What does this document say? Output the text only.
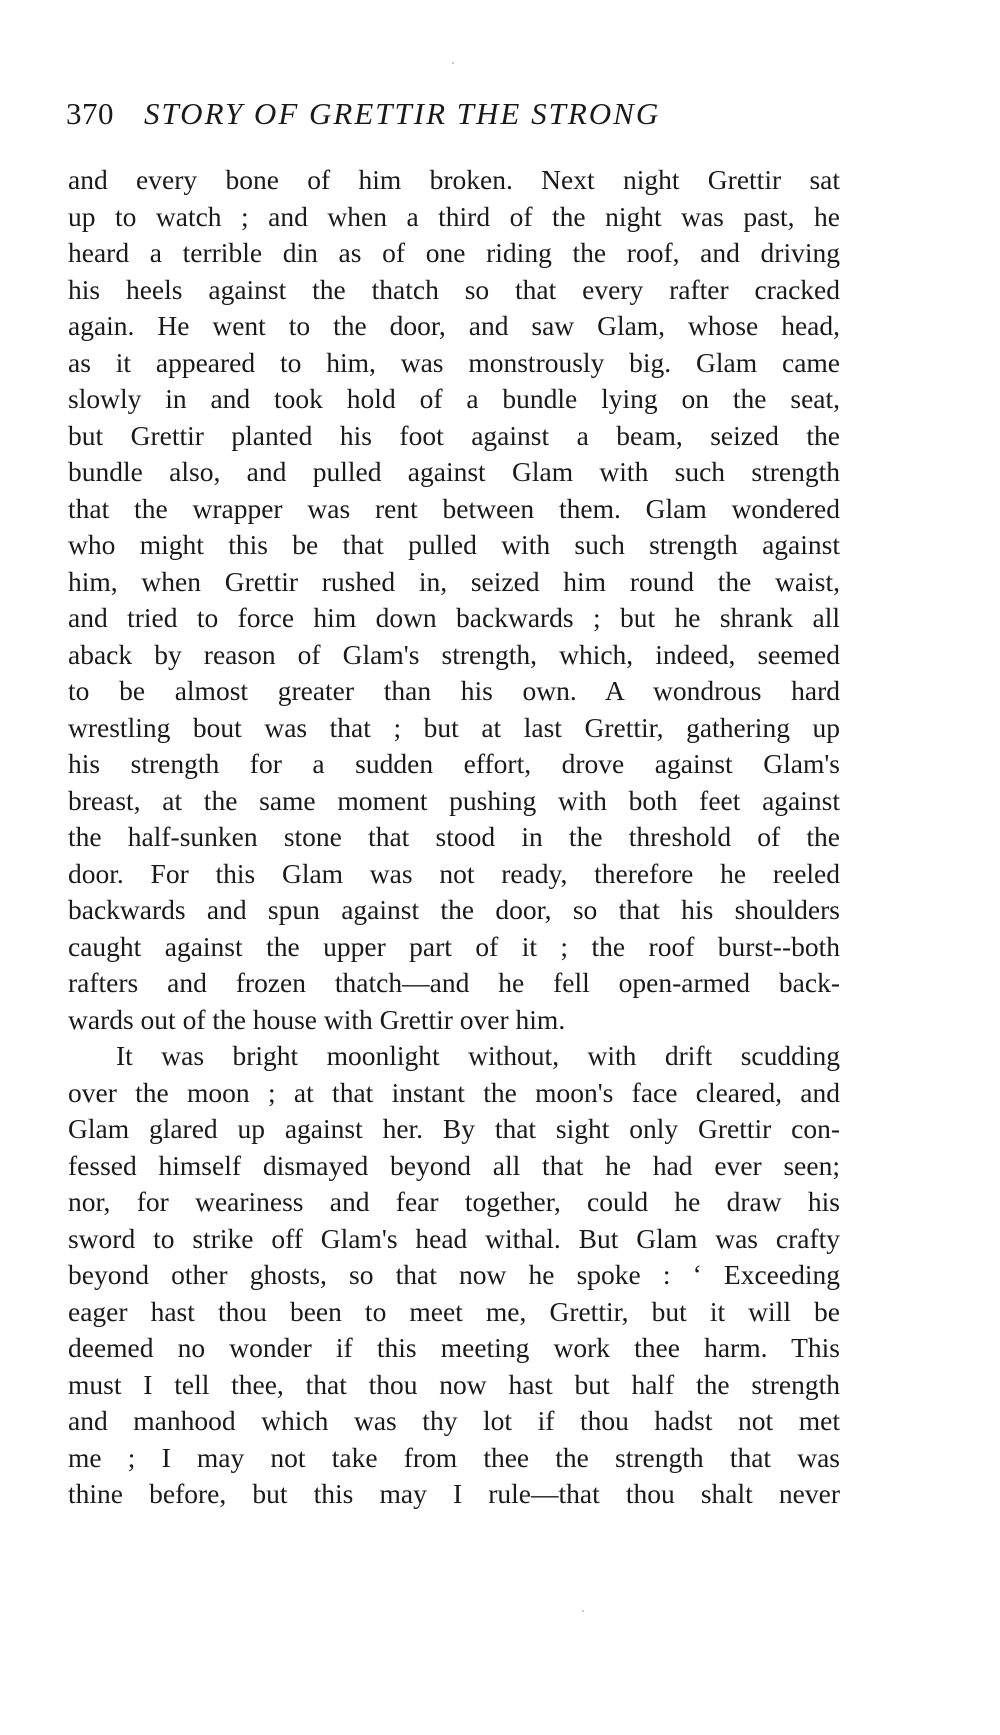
370 STORY OF GRETTIR THE STRONG
and every bone of him broken. Next night Grettir sat
up to watch ; and when a third of the night was past, he
heard a terrible din as of one riding the roof, and driving
his heels against the thatch so that every rafter cracked
again. He went to the door, and saw Glam, whose head,
as it appeared to him, was monstrously big. Glam came
slowly in and took hold of a bundle lying on the seat,
but Grettir planted his foot against a beam, seized the
bundle also, and pulled against Glam with such strength
that the wrapper was rent between them. Glam wondered
who might this be that pulled with such strength against
him, when Grettir rushed in, seized him round the waist,
and tried to force him down backwards ; but he shrank all
aback by reason of Glam's strength, which, indeed, seemed
to be almost greater than his own. A wondrous hard
wrestling bout was that ; but at last Grettir, gathering up
his strength for a sudden effort, drove against Glam's
breast, at the same moment pushing with both feet against
the half-sunken stone that stood in the threshold of the
door. For this Glam was not ready, therefore he reeled
backwards and spun against the door, so that his shoulders
caught against the upper part of it ; the roof burst--both
rafters and frozen thatch—and he fell open-armed back-
wards out of the house with Grettir over him.
It was bright moonlight without, with drift scudding
over the moon ; at that instant the moon's face cleared, and
Glam glared up against her. By that sight only Grettir con-
fessed himself dismayed beyond all that he had ever seen;
nor, for weariness and fear together, could he draw his
sword to strike off Glam's head withal. But Glam was crafty
beyond other ghosts, so that now he spoke : ‘ Exceeding
eager hast thou been to meet me, Grettir, but it will be
deemed no wonder if this meeting work thee harm. This
must I tell thee, that thou now hast but half the strength
and manhood which was thy lot if thou hadst not met
me ; I may not take from thee the strength that was
thine before, but this may I rule—that thou shalt never
